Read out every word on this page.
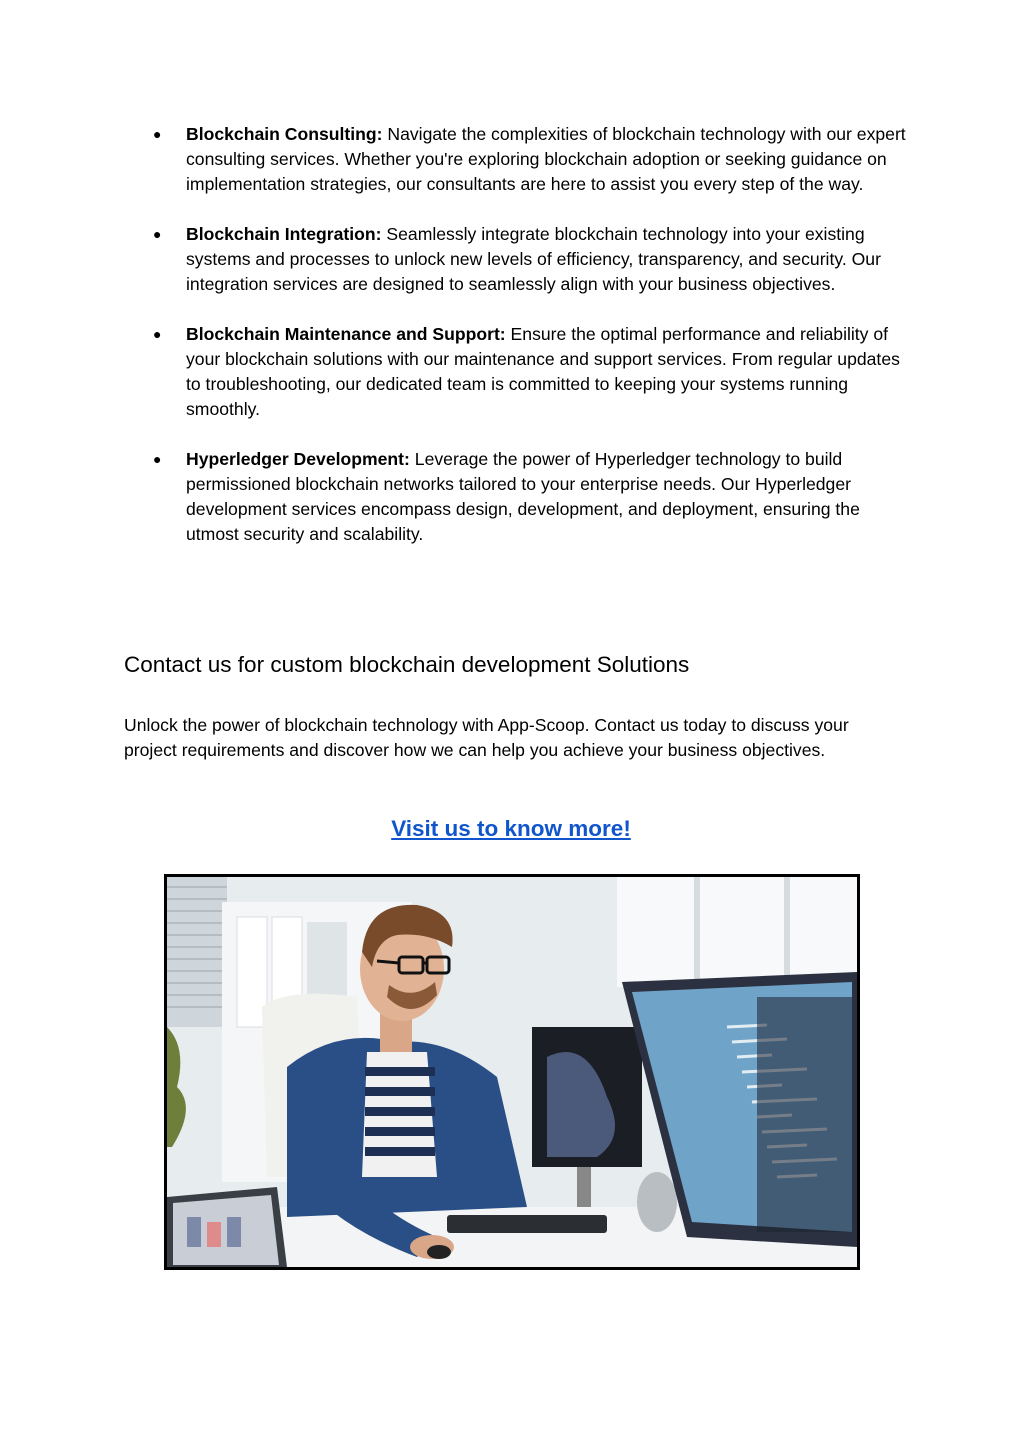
● Blockchain Consulting: Navigate the complexities of blockchain technology with our expert consulting services. Whether you're exploring blockchain adoption or seeking guidance on implementation strategies, our consultants are here to assist you every step of the way.
● Blockchain Integration: Seamlessly integrate blockchain technology into your existing systems and processes to unlock new levels of efficiency, transparency, and security. Our integration services are designed to seamlessly align with your business objectives.
● Blockchain Maintenance and Support: Ensure the optimal performance and reliability of your blockchain solutions with our maintenance and support services. From regular updates to troubleshooting, our dedicated team is committed to keeping your systems running smoothly.
● Hyperledger Development: Leverage the power of Hyperledger technology to build permissioned blockchain networks tailored to your enterprise needs. Our Hyperledger development services encompass design, development, and deployment, ensuring the utmost security and scalability.
Contact us for custom blockchain development Solutions

Unlock the power of blockchain technology with App-Scoop. Contact us today to discuss your project requirements and discover how we can help you achieve your business objectives.

Visit us to know more!
